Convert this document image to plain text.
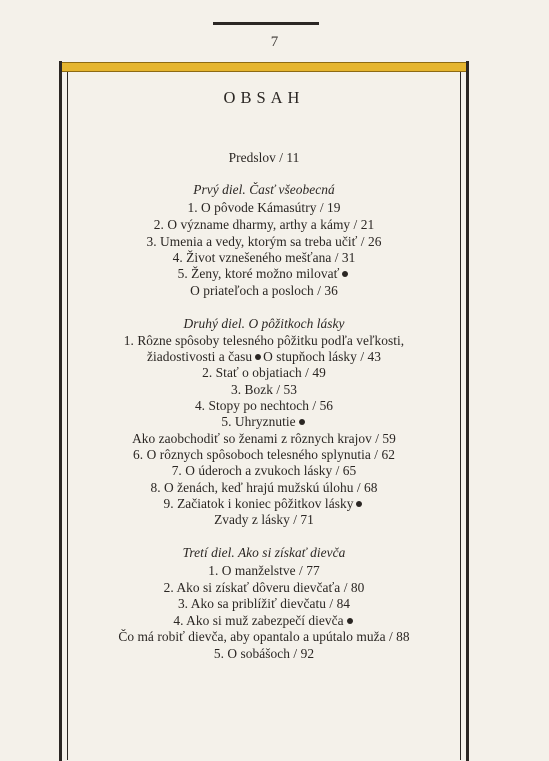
7
OBSAH
Predslov / 11
Prvý diel. Časť všeobecná
1. O pôvode Kámasútry / 19
2. O význame dharmy, arthy a kámy / 21
3. Umenia a vedy, ktorým sa treba učiť / 26
4. Život vznešeného mešťana / 31
5. Ženy, ktoré možno milovať
O priateľoch a posloch / 36
Druhý diel. O pôžitkoch lásky
1. Rôzne spôsoby telesného pôžitku podľa veľkosti,
žiadostivosti a času O stupňoch lásky / 43
2. Stať o objatiach / 49
3. Bozk / 53
4. Stopy po nechtoch / 56
5. Uhryznutie
Ako zaobchodiť so ženami z rôznych krajov / 59
6. O rôznych spôsoboch telesného splynutia / 62
7. O úderoch a zvukoch lásky / 65
8. O ženách, keď hrajú mužskú úlohu / 68
9. Začiatok i koniec pôžitkov lásky
Zvady z lásky / 71
Tretí diel. Ako si získať dievča
1. O manželstve / 77
2. Ako si získať dôveru dievčaťa / 80
3. Ako sa priblížiť dievčatu / 84
4. Ako si muž zabezpečí dievča
Čo má robiť dievča, aby opantalo a upútalo muža / 88
5. O sobášoch / 92
